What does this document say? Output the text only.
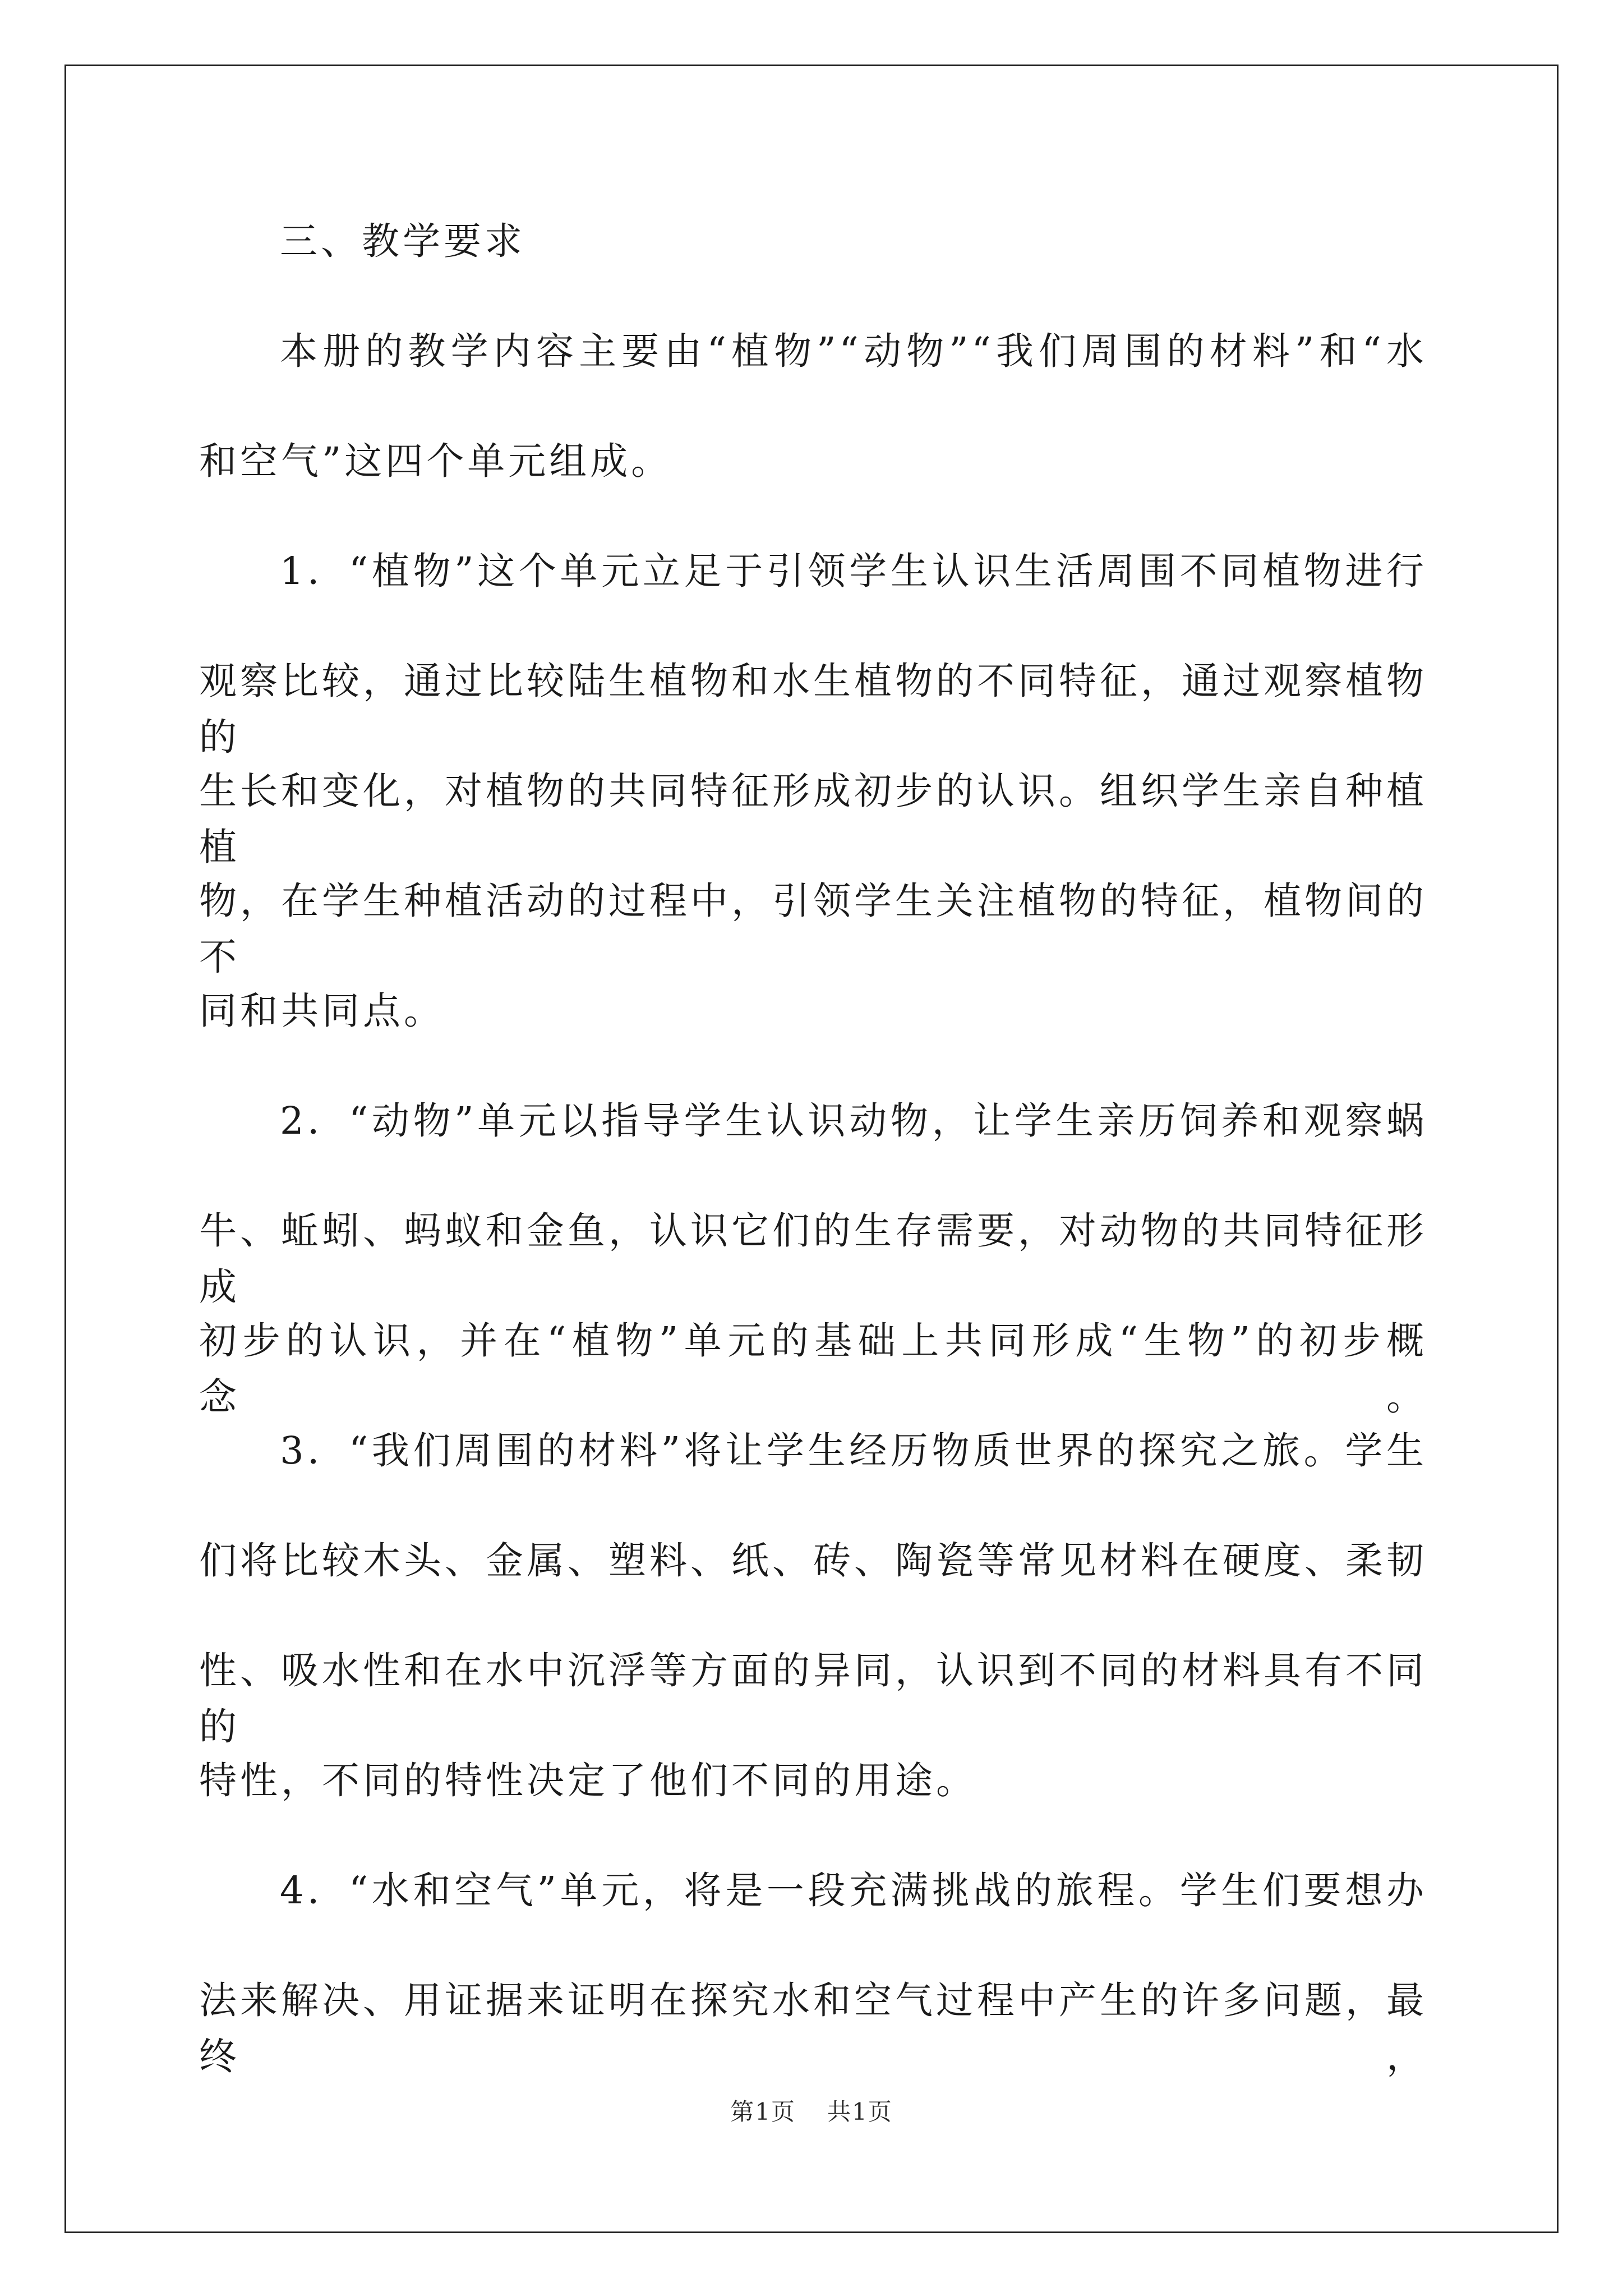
三、教学要求
本册的教学内容主要由“植物”“动物”“我们周围的材料”和“水
和空气”这四个单元组成。
1．“植物”这个单元立足于引领学生认识生活周围不同植物进行
观察比较，通过比较陆生植物和水生植物的不同特征，通过观察植物的
生长和变化，对植物的共同特征形成初步的认识。组织学生亲自种植植
物，在学生种植活动的过程中，引领学生关注植物的特征，植物间的不
同和共同点。
2．“动物”单元以指导学生认识动物，让学生亲历饲养和观察蜗
牛、蚯蚓、蚂蚁和金鱼，认识它们的生存需要，对动物的共同特征形成
初步的认识，并在“植物”单元的基础上共同形成“生物”的初步概念。
3．“我们周围的材料”将让学生经历物质世界的探究之旅。学生
们将比较木头、金属、塑料、纸、砖、陶瓷等常见材料在硬度、柔韧
性、吸水性和在水中沉浮等方面的异同，认识到不同的材料具有不同的
特性，不同的特性决定了他们不同的用途。
4．“水和空气”单元，将是一段充满挑战的旅程。学生们要想办
法来解决、用证据来证明在探究水和空气过程中产生的许多问题，最终，
第1页 共1页
